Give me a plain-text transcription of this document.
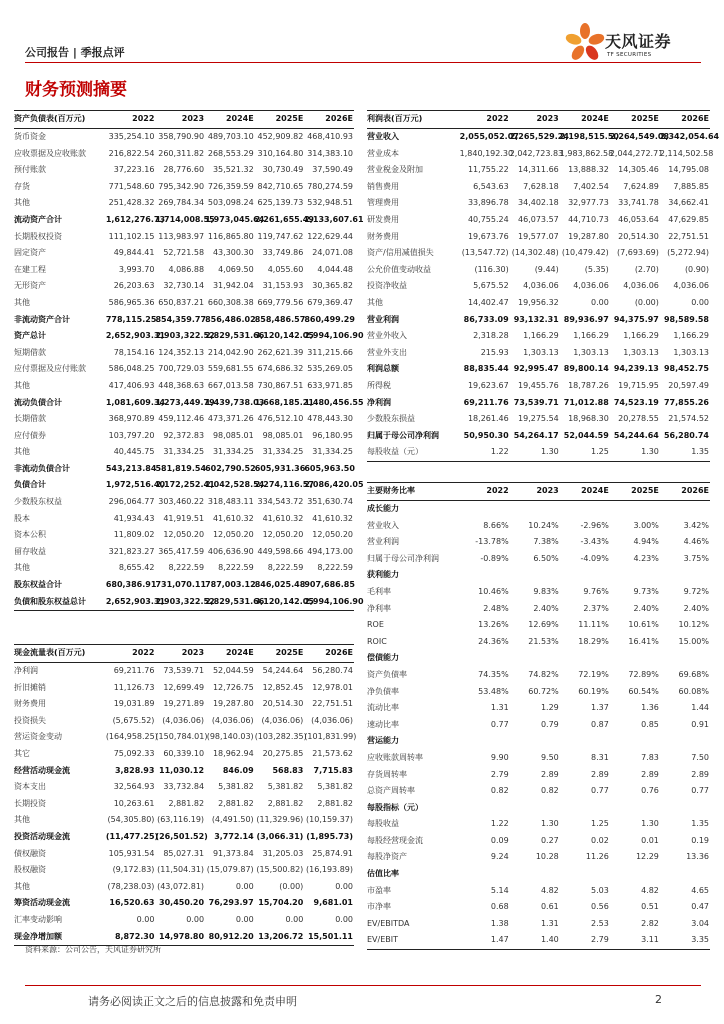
公司报告 | 季报点评
天风证券
TF SECURITIES
财务预测摘要
资产负债表(百万元)	2022	2023	2024E	2025E	2026E
货币资金	335,254.10	358,790.90	489,703.10	452,909.82	468,410.93
应收票据及应收账款	216,822.54	260,311.82	268,553.29	310,164.80	314,383.10
预付账款	37,223.16	28,776.60	35,521.32	30,730.49	37,590.49
存货	771,548.60	795,342.90	726,359.59	842,710.65	780,274.59
其他	251,428.32	269,784.34	503,098.24	625,139.73	532,948.51
流动资产合计	1,612,276.73	1,714,008.55	1,973,045.64	2,261,655.49	2,133,607.61
长期股权投资	111,102.15	113,983.97	116,865.80	119,747.62	122,629.44
固定资产	49,844.41	52,721.58	43,300.30	33,749.86	24,071.08
在建工程	3,993.70	4,086.88	4,069.50	4,055.60	4,044.48
无形资产	26,203.63	32,730.14	31,942.04	31,153.93	30,365.82
其他	586,965.36	650,837.21	660,308.38	669,779.56	679,369.47
非流动资产合计	778,115.25	854,359.77	856,486.02	858,486.57	860,499.29
资产总计	2,652,903.31	2,903,322.52	2,829,531.66	3,120,142.05	2,994,106.90
短期借款	78,154.16	124,352.13	214,042.90	262,621.39	311,215.66
应付票据及应付账款	586,048.25	700,729.03	559,681.55	674,686.32	535,269.05
其他	417,406.93	448,368.63	667,013.58	730,867.51	633,971.85
流动负债合计	1,081,609.34	1,273,449.79	1,439,738.03	1,668,185.21	1,480,456.55
长期借款	368,970.89	459,112.46	473,371.26	476,512.10	478,443.30
应付债券	103,797.20	92,372.83	98,085.01	98,085.01	96,180.95
其他	40,445.75	31,334.25	31,334.25	31,334.25	31,334.25
非流动负债合计	543,213.84	581,819.54	602,790.52	605,931.36	605,963.50
负债合计	1,972,516.40	2,172,252.41	2,042,528.54	2,274,116.57	2,086,420.05
少数股东权益	296,064.77	303,460.22	318,483.11	334,543.72	351,630.74
股本	41,934.43	41,919.51	41,610.32	41,610.32	41,610.32
资本公积	11,809.02	12,050.20	12,050.20	12,050.20	12,050.20
留存收益	321,823.27	365,417.59	406,636.90	449,598.66	494,173.00
其他	8,655.42	8,222.59	8,222.59	8,222.59	8,222.59
股东权益合计	680,386.91	731,070.11	787,003.12	846,025.48	907,686.85
负债和股东权益总计	2,652,903.31	2,903,322.52	2,829,531.66	3,120,142.05	2,994,106.90
利润表(百万元)	2022	2023	2024E	2025E	2026E
营业收入	2,055,052.07	2,265,529.24	2,198,515.50	2,264,549.08	2,342,054.64
营业成本	1,840,192.30	2,042,723.83	1,983,862.58	2,044,272.71	2,114,502.58
营业税金及附加	11,755.22	14,311.66	13,888.32	14,305.46	14,795.08
销售费用	6,543.63	7,628.18	7,402.54	7,624.89	7,885.85
管理费用	33,896.78	34,402.18	32,977.73	33,741.78	34,662.41
研发费用	40,755.24	46,073.57	44,710.73	46,053.64	47,629.85
财务费用	19,673.76	19,577.07	19,287.80	20,514.30	22,751.51
资产/信用减值损失	(13,547.72)	(14,302.48)	(10,479.42)	(7,693.69)	(5,272.94)
公允价值变动收益	(116.30)	(9.44)	(5.35)	(2.70)	(0.90)
投资净收益	5,675.52	4,036.06	4,036.06	4,036.06	4,036.06
其他	14,402.47	19,956.32	0.00	(0.00)	0.00
营业利润	86,733.09	93,132.31	89,936.97	94,375.97	98,589.58
营业外收入	2,318.28	1,166.29	1,166.29	1,166.29	1,166.29
营业外支出	215.93	1,303.13	1,303.13	1,303.13	1,303.13
利润总额	88,835.44	92,995.47	89,800.14	94,239.13	98,452.75
所得税	19,623.67	19,455.76	18,787.26	19,715.95	20,597.49
净利润	69,211.76	73,539.71	71,012.88	74,523.19	77,855.26
少数股东损益	18,261.46	19,275.54	18,968.30	20,278.55	21,574.52
归属于母公司净利润	50,950.30	54,264.17	52,044.59	54,244.64	56,280.74
每股收益（元）	1.22	1.30	1.25	1.30	1.35
主要财务比率	2022	2023	2024E	2025E	2026E
成长能力					
营业收入	8.66%	10.24%	-2.96%	3.00%	3.42%
营业利润	-13.78%	7.38%	-3.43%	4.94%	4.46%
归属于母公司净利润	-0.89%	6.50%	-4.09%	4.23%	3.75%
获利能力					
毛利率	10.46%	9.83%	9.76%	9.73%	9.72%
净利率	2.48%	2.40%	2.37%	2.40%	2.40%
ROE	13.26%	12.69%	11.11%	10.61%	10.12%
ROIC	24.36%	21.53%	18.29%	16.41%	15.00%
偿债能力					
资产负债率	74.35%	74.82%	72.19%	72.89%	69.68%
净负债率	53.48%	60.72%	60.19%	60.54%	60.08%
流动比率	1.31	1.29	1.37	1.36	1.44
速动比率	0.77	0.79	0.87	0.85	0.91
营运能力					
应收账款周转率	9.90	9.50	8.31	7.83	7.50
存货周转率	2.79	2.89	2.89	2.89	2.89
总资产周转率	0.82	0.82	0.77	0.76	0.77
每股指标（元）					
每股收益	1.22	1.30	1.25	1.30	1.35
每股经营现金流	0.09	0.27	0.02	0.01	0.19
每股净资产	9.24	10.28	11.26	12.29	13.36
估值比率					
市盈率	5.14	4.82	5.03	4.82	4.65
市净率	0.68	0.61	0.56	0.51	0.47
EV/EBITDA	1.38	1.31	2.53	2.82	3.04
EV/EBIT	1.47	1.40	2.79	3.11	3.35
现金流量表(百万元)	2022	2023	2024E	2025E	2026E
净利润	69,211.76	73,539.71	52,044.59	54,244.64	56,280.74
折旧摊销	11,126.73	12,699.49	12,726.75	12,852.45	12,978.01
财务费用	19,031.89	19,271.89	19,287.80	20,514.30	22,751.51
投资损失	(5,675.52)	(4,036.06)	(4,036.06)	(4,036.06)	(4,036.06)
营运资金变动	(164,958.25)	(150,784.01)	(98,140.03)	(103,282.35)	(101,831.99)
其它	75,092.33	60,339.10	18,962.94	20,275.85	21,573.62
经营活动现金流	3,828.93	11,030.12	846.09	568.83	7,715.83
资本支出	32,564.93	33,732.84	5,381.82	5,381.82	5,381.82
长期投资	10,263.61	2,881.82	2,881.82	2,881.82	2,881.82
其他	(54,305.80)	(63,116.19)	(4,491.50)	(11,329.96)	(10,159.37)
投资活动现金流	(11,477.25)	(26,501.52)	3,772.14	(3,066.31)	(1,895.73)
债权融资	105,931.54	85,027.31	91,373.84	31,205.03	25,874.91
股权融资	(9,172.83)	(11,504.31)	(15,079.87)	(15,500.82)	(16,193.89)
其他	(78,238.03)	(43,072.81)	0.00	(0.00)	0.00
筹资活动现金流	16,520.63	30,450.20	76,293.97	15,704.20	9,681.01
汇率变动影响	0.00	0.00	0.00	0.00	0.00
现金净增加额	8,872.30	14,978.80	80,912.20	13,206.72	15,501.11
资料来源：公司公告，天风证券研究所
请务必阅读正文之后的信息披露和免责申明	2
